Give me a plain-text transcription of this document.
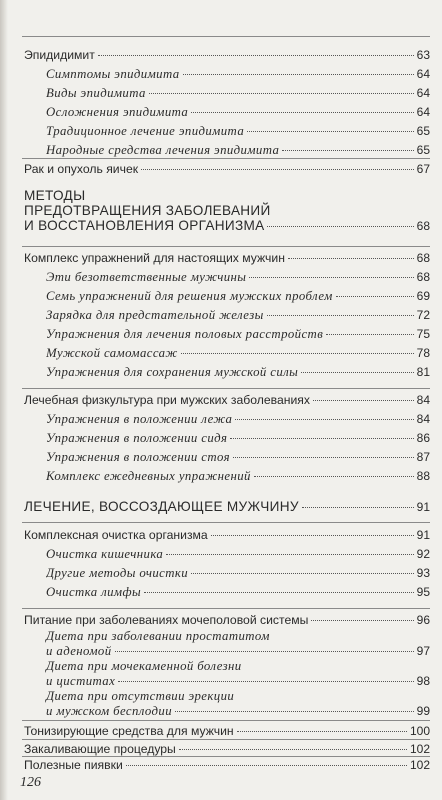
Эпидидимит	63
Симптомы эпидимита	64
Виды эпидимита	64
Осложнения эпидимита	64
Традиционное лечение эпидимита	65
Народные средства лечения эпидимита	65
Рак и опухоль яичек	67
МЕТОДЫ
ПРЕДОТВРАЩЕНИЯ ЗАБОЛЕВАНИЙ
И ВОССТАНОВЛЕНИЯ ОРГАНИЗМА	68
Комплекс упражнений для настоящих мужчин	68
Эти безответственные мужчины	68
Семь упражнений для решения мужских проблем	69
Зарядка для предстательной железы	72
Упражнения для лечения половых расстройств	75
Мужской самомассаж	78
Упражнения для сохранения мужской силы	81
Лечебная физкультура при мужских заболеваниях	84
Упражнения в положении лежа	84
Упражнения в положении сидя	86
Упражнения в положении стоя	87
Комплекс ежедневных упражнений	88
ЛЕЧЕНИЕ, ВОССОЗДАЮЩЕЕ МУЖЧИНУ	91
Комплексная очистка организма	91
Очистка кишечника	92
Другие методы очистки	93
Очистка лимфы	95
Питание при заболеваниях мочеполовой системы	96
Диета при заболевании простатитом
и аденомой	97
Диета при мочекаменной болезни
и циститах	98
Диета при отсутствии эрекции
и мужском бесплодии	99
Тонизирующие средства для мужчин	100
126
Закаливающие процедуры	102
Полезные пиявки	102
